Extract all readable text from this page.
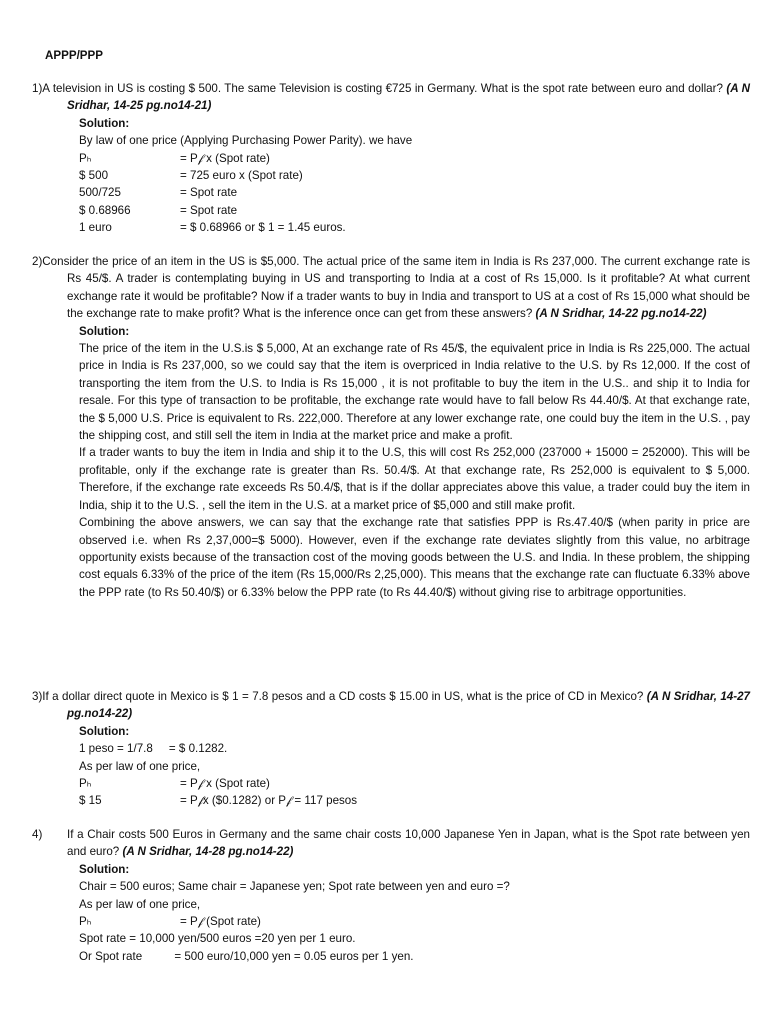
APPP/PPP
1)A television in US is costing $ 500. The same Television is costing €725 in Germany. What is the spot rate between euro and dollar? (A N Sridhar, 14-25 pg.no14-21)
Solution:
By law of one price (Applying Purchasing Power Parity). we have
Pₕ	= P𝒻 x (Spot rate)
$ 500	= 725 euro x (Spot rate)
500/725	= Spot rate
$ 0.68966	= Spot rate
1 euro	= $ 0.68966 or $ 1 = 1.45 euros.
2)Consider the price of an item in the US is $5,000. The actual price of the same item in India is Rs 237,000. The current exchange rate is Rs 45/$. A trader is contemplating buying in US and transporting to India at a cost of Rs 15,000. Is it profitable? At what current exchange rate it would be profitable? Now if a trader wants to buy in India and transport to US at a cost of Rs 15,000 what should be the exchange rate to make profit? What is the inference once can get from these answers? (A N Sridhar, 14-22 pg.no14-22)
Solution:
The price of the item in the U.S.is $ 5,000, At an exchange rate of Rs 45/$, the equivalent price in India is Rs 225,000. The actual price in India is Rs 237,000, so we could say that the item is overpriced in India relative to the U.S. by Rs 12,000. If the cost of transporting the item from the U.S. to India is Rs 15,000 , it is not profitable to buy the item in the U.S.. and ship it to India for resale. For this type of transaction to be profitable, the exchange rate would have to fall below Rs 44.40/$. At that exchange rate, the $ 5,000 U.S. Price is equivalent to Rs. 222,000. Therefore at any lower exchange rate, one could buy the item in the U.S. , pay the shipping cost, and still sell the item in India at the market price and make a profit.
If a trader wants to buy the item in India and ship it to the U.S, this will cost Rs 252,000 (237000 + 15000 = 252000). This will be profitable, only if the exchange rate is greater than Rs. 50.4/$. At that exchange rate, Rs 252,000 is equivalent to $ 5,000. Therefore, if the exchange rate exceeds Rs 50.4/$, that is if the dollar appreciates above this value, a trader could buy the item in India, ship it to the U.S. , sell the item in the U.S. at a market price of $5,000 and still make profit.
Combining the above answers, we can say that the exchange rate that satisfies PPP is Rs.47.40/$ (when parity in price are observed i.e. when Rs 2,37,000=$ 5000). However, even if the exchange rate deviates slightly from this value, no arbitrage opportunity exists because of the transaction cost of the moving goods between the U.S. and India. In these problem, the shipping cost equals 6.33% of the price of the item (Rs 15,000/Rs 2,25,000). This means that the exchange rate can fluctuate 6.33% above the PPP rate (to Rs 50.40/$) or 6.33% below the PPP rate (to Rs 44.40/$) without giving rise to arbitrage opportunities.
3)If a dollar direct quote in Mexico is $ 1 = 7.8 pesos and a CD costs $ 15.00 in US, what is the price of CD in Mexico? (A N Sridhar, 14-27 pg.no14-22)
Solution:
1 peso = 1/7.8     = $ 0.1282.
As per law of one price,
Pₕ	= P𝒻 x (Spot rate)
$ 15	= P𝒻x ($0.1282) or P𝒻 = 117 pesos
4) If a Chair costs 500 Euros in Germany and the same chair costs 10,000 Japanese Yen in Japan, what is the Spot rate between yen and euro? (A N Sridhar, 14-28 pg.no14-22)
Solution:
Chair = 500 euros; Same chair = Japanese yen; Spot rate between yen and euro =?
As per law of one price,
Pₕ	= P𝒻 (Spot rate)
Spot rate = 10,000 yen/500 euros =20 yen per 1 euro.
Or Spot rate          = 500 euro/10,000 yen = 0.05 euros per 1 yen.
